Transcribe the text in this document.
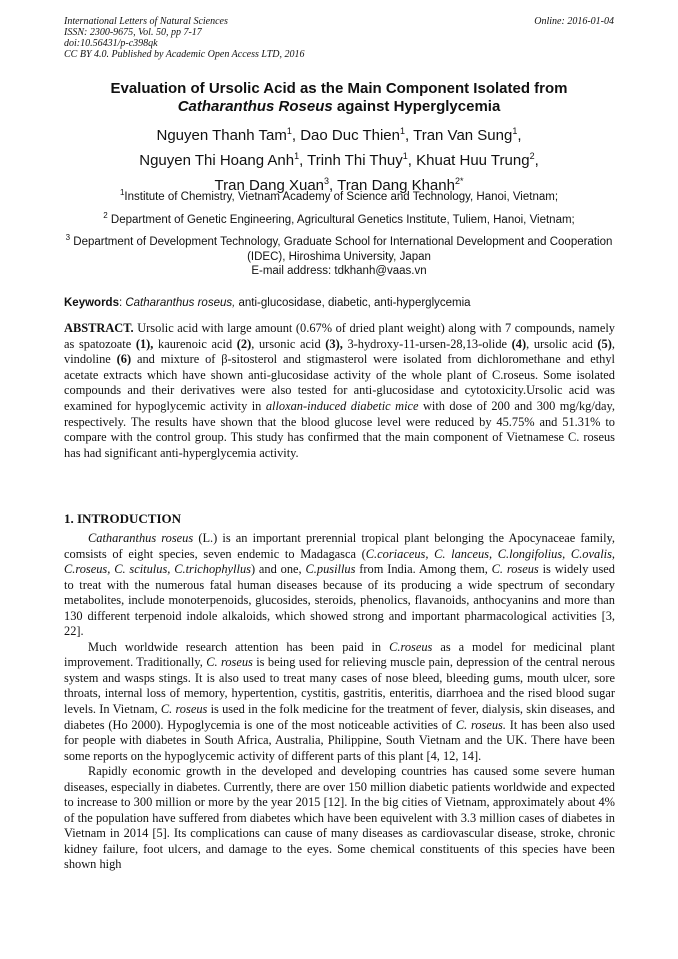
International Letters of Natural Sciences
ISSN: 2300-9675, Vol. 50, pp 7-17
doi:10.56431/p-c398qk
CC BY 4.0. Published by Academic Open Access LTD, 2016
Online: 2016-01-04
Evaluation of Ursolic Acid as the Main Component Isolated from
Catharanthus Roseus against Hyperglycemia
Nguyen Thanh Tam$^1$, Dao Duc Thien$^1$, Tran Van Sung$^1$,
Nguyen Thi Hoang Anh$^1$, Trinh Thi Thuy$^1$, Khuat Huu Trung$^2$,
Tran Dang Xuan$^3$, Tran Dang Khanh$^{2*}$
$^1$Institute of Chemistry, Vietnam Academy of Science and Technology, Hanoi, Vietnam;
$^2$ Department of Genetic Engineering, Agricultural Genetics Institute, Tuliem, Hanoi, Vietnam;
$^3$ Department of Development Technology, Graduate School for International Development and Cooperation (IDEC), Hiroshima University, Japan
E-mail address: tdkhanh@vaas.vn
Keywords: Catharanthus roseus, anti-glucosidase, diabetic, anti-hyperglycemia
ABSTRACT. Ursolic acid with large amount (0.67% of dried plant weight) along with 7 compounds, namely as spatozoate (1), kaurenoic acid (2), ursonic acid (3), 3-hydroxy-11-ursen-28,13-olide (4), ursolic acid (5), vindoline (6) and mixture of β-sitosterol and stigmasterol were isolated from dichloromethane and ethyl acetate extracts which have shown anti-glucosidase activity of the whole plant of C.roseus. Some isolated compounds and their derivatives were also tested for anti-glucosidase and cytotoxicity.Ursolic acid was examined for hypoglycemic activity in alloxan-induced diabetic mice with dose of 200 and 300 mg/kg/day, respectively. The results have shown that the blood glucose level were reduced by 45.75% and 51.31% to compare with the control group. This study has confirmed that the main component of Vietnamese C. roseus has had significant anti-hyperglycemia activity.
1. INTRODUCTION

Catharanthus roseus (L.) is an important prerennial tropical plant belonging the Apocynaceae family, comsists of eight species, seven endemic to Madagasca (C.coriaceus, C. lanceus, C.longifolius, C.ovalis, C.roseus, C. scitulus, C.trichophyllus) and one, C.pusillus from India. Among them, C. roseus is widely used to treat with the numerous fatal human diseases because of its producing a wide spectrum of secondary metabolites, include monoterpenoids, glucosides, steroids, phenolics, flavanoids, anthocyanins and more than 130 different terpenoid indole alkaloids, which showed strong and important pharmacological activities [3, 22].

Much worldwide research attention has been paid in C.roseus as a model for medicinal plant improvement. Traditionally, C. roseus is being used for relieving muscle pain, depression of the central nerous system and wasps stings. It is also used to treat many cases of nose bleed, bleeding gums, mouth ulcer, sore throats, internal loss of memory, hypertention, cystitis, gastritis, enteritis, diarrhoea and the rised blood sugar levels. In Vietnam, C. roseus is used in the folk medicine for the treatment of fever, dialysis, skin diseases, and diabetes (Ho 2000). Hypoglycemia is one of the most noticeable activities of C. roseus. It has been also used for people with diabetes in South Africa, Australia, Philippine, South Vietnam and the UK. There have been some reports on the hypoglycemic activity of different parts of this plant [4, 12, 14].

Rapidly economic growth in the developed and developing countries has caused some severe human diseases, especially in diabetes. Currently, there are over 150 million diabetic patients worldwide and expected to increase to 300 million or more by the year 2015 [12]. In the big cities of Vietnam, approximately about 4% of the population have suffered from diabetes which have been equivelent with 3.3 million cases of diabetes in Vietnam in 2014 [5]. Its complications can cause of many diseases as cardiovascular disease, stroke, chronic kidney failure, foot ulcers, and damage to the eyes. Some chemical constituents of this species have been shown high
